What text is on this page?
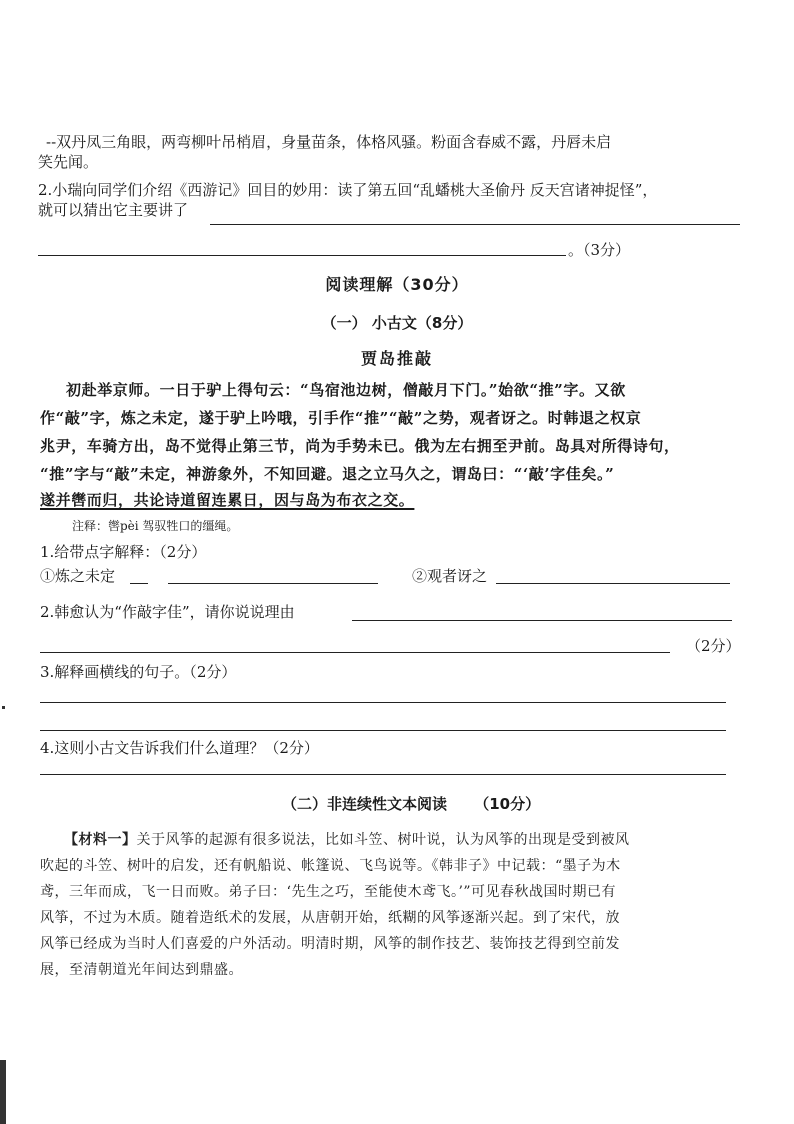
--双丹凤三角眼，两弯柳叶吊梢眉，身量苗条，体格风骚。粉面含春威不露，丹唇未启
笑先闻。
2.小瑞向同学们介绍《西游记》回目的妙用：读了第五回“乱蟠桃大圣偷丹 反天宫诸神捉怪”，
就可以猜出它主要讲了
。（3分）
阅读理解（30分）
（一） 小古文（8分）
贾岛推敲
初赴举京师。一日于驴上得句云：“鸟宿池边树，僧敲月下门。”始欲“推”字。又欲
作“敲”字，炼之未定，遂于驴上吟哦，引手作“推”“敲”之势，观者讶之。时韩退之权京
兆尹，车骑方出，岛不觉得止第三节，尚为手势未已。俄为左右拥至尹前。岛具对所得诗句，
“推”字与“敲”未定，神游象外，不知回避。退之立马久之，谓岛曰：“‘敲’字佳矣。”
遂并辔而归，共论诗道留连累日，因与岛为布衣之交。
注释：辔pèi 驾驭牲口的缰绳。
1.给带点字解释：（2分）
①炼之未定	②观者讶之
2.韩愈认为“作敲字佳”，请你说说理由
（2分）
3.解释画横线的句子。（2分）
4.这则小古文告诉我们什么道理？（2分）
（二）非连续性文本阅读 （10分）
【材料一】关于风筝的起源有很多说法，比如斗笠、树叶说，认为风筝的出现是受到被风
吹起的斗笠、树叶的启发，还有帆船说、帐篷说、飞鸟说等。《韩非子》中记载：“墨子为木
鸢，三年而成，飞一日而败。弟子曰：‘先生之巧，至能使木鸢飞。’”可见春秋战国时期已有
风筝，不过为木质。随着造纸术的发展，从唐朝开始，纸糊的风筝逐渐兴起。到了宋代，放
风筝已经成为当时人们喜爱的户外活动。明清时期，风筝的制作技艺、装饰技艺得到空前发
展，至清朝道光年间达到鼎盛。
